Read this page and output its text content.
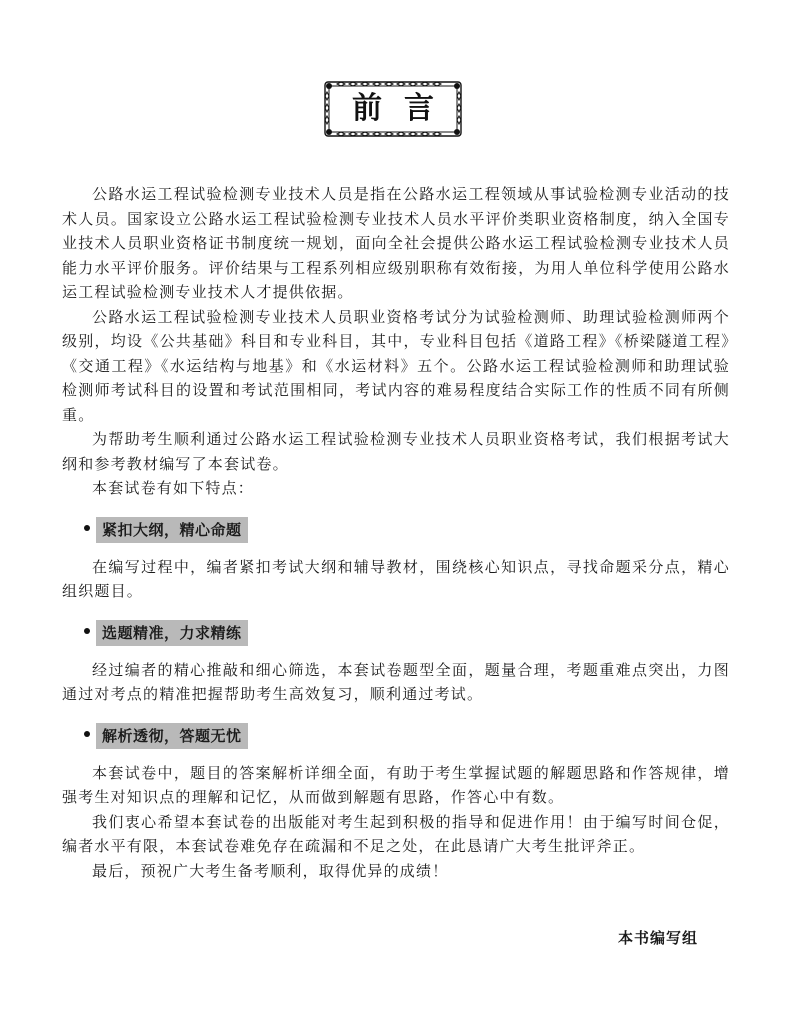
前言

公路水运工程试验检测专业技术人员是指在公路水运工程领域从事试验检测专业活动的技术人员。国家设立公路水运工程试验检测专业技术人员水平评价类职业资格制度，纳入全国专业技术人员职业资格证书制度统一规划，面向全社会提供公路水运工程试验检测专业技术人员能力水平评价服务。评价结果与工程系列相应级别职称有效衔接，为用人单位科学使用公路水运工程试验检测专业技术人才提供依据。

公路水运工程试验检测专业技术人员职业资格考试分为试验检测师、助理试验检测师两个级别，均设《公共基础》科目和专业科目，其中，专业科目包括《道路工程》《桥梁隧道工程》《交通工程》《水运结构与地基》和《水运材料》五个。公路水运工程试验检测师和助理试验检测师考试科目的设置和考试范围相同，考试内容的难易程度结合实际工作的性质不同有所侧重。

为帮助考生顺利通过公路水运工程试验检测专业技术人员职业资格考试，我们根据考试大纲和参考教材编写了本套试卷。

本套试卷有如下特点：

紧扣大纲，精心命题

在编写过程中，编者紧扣考试大纲和辅导教材，围绕核心知识点，寻找命题采分点，精心组织题目。

选题精准，力求精练

经过编者的精心推敲和细心筛选，本套试卷题型全面，题量合理，考题重难点突出，力图通过对考点的精准把握帮助考生高效复习，顺利通过考试。

解析透彻，答题无忧

本套试卷中，题目的答案解析详细全面，有助于考生掌握试题的解题思路和作答规律，增强考生对知识点的理解和记忆，从而做到解题有思路，作答心中有数。

我们衷心希望本套试卷的出版能对考生起到积极的指导和促进作用！由于编写时间仓促，编者水平有限，本套试卷难免存在疏漏和不足之处，在此恳请广大考生批评斧正。

最后，预祝广大考生备考顺利，取得优异的成绩！

本书编写组
